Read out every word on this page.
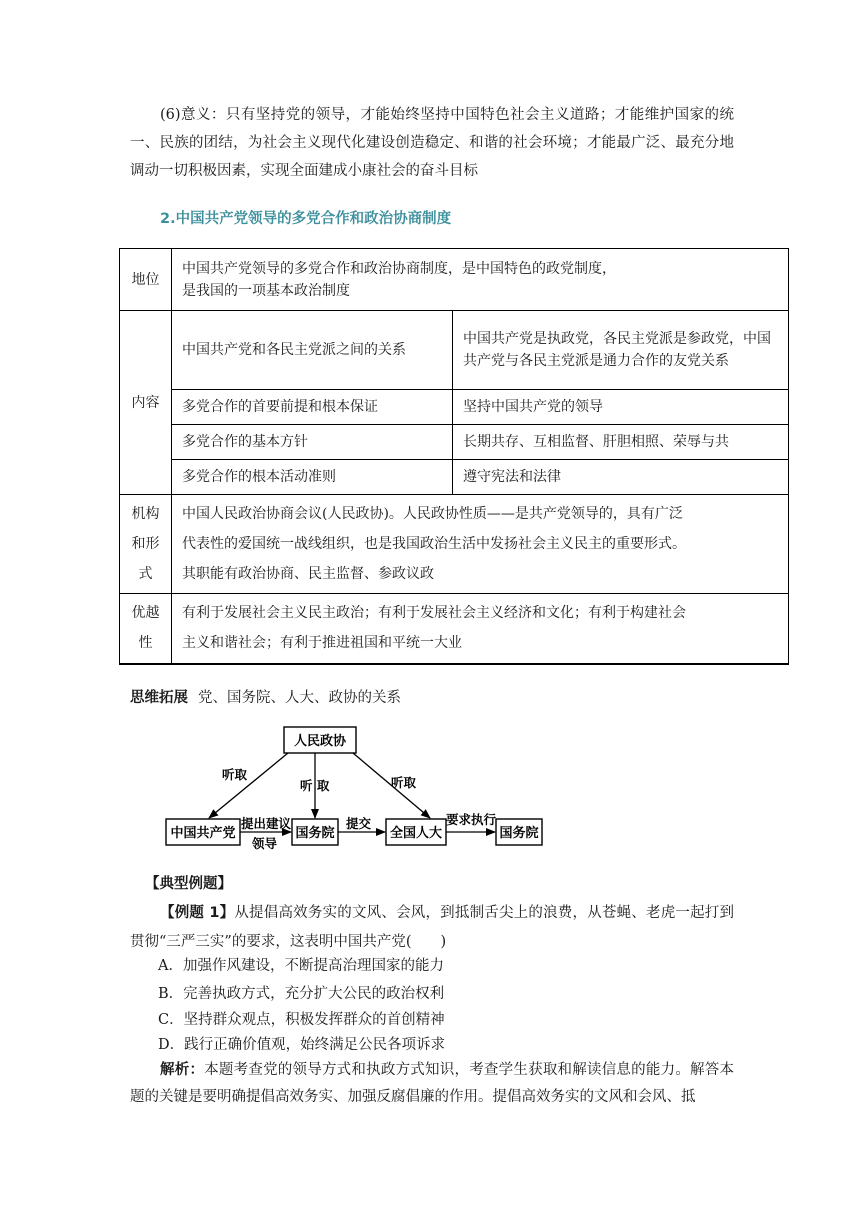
(6)意义：只有坚持党的领导，才能始终坚持中国特色社会主义道路；才能维护国家的统一、民族的团结，为社会主义现代化建设创造稳定、和谐的社会环境；才能最广泛、最充分地调动一切积极因素，实现全面建成小康社会的奋斗目标

2.中国共产党领导的多党合作和政治协商制度

地位	中国共产党领导的多党合作和政治协商制度，是中国特色的政党制度，
是我国的一项基本政治制度	

内容	中国共产党和各民主党派之间的关系	中国共产党是执政党，各民主党派是参政党，中国共产党与各民主党派是通力合作的友党关系
	多党合作的首要前提和根本保证	坚持中国共产党的领导
	多党合作的基本方针	长期共存、互相监督、肝胆相照、荣辱与共
	多党合作的根本活动准则	遵守宪法和法律
机构和形式	中国人民政治协商会议(人民政协)。人民政协性质——是共产党领导的，具有广泛
代表性的爱国统一战线组织，也是我国政治生活中发扬社会主义民主的重要形式。
其职能有政治协商、民主监督、参政议政	

优越性	有利于发展社会主义民主政治；有利于发展社会主义经济和文化；有利于构建社会
主义和谐社会；有利于推进祖国和平统一大业	

思维拓展 党、国务院、人大、政协的关系

人民政协
中国共产党	国务院	全国人大	国务院
听取
听 取	听取
提出建议
领导
提交	要求执行

【典型例题】

【例题 1】从提倡高效务实的文风、会风，到抵制舌尖上的浪费，从苍蝇、老虎一起打到贯彻“三严三实”的要求，这表明中国共产党(　　)

A．加强作风建设，不断提高治理国家的能力

B．完善执政方式，充分扩大公民的政治权利

C．坚持群众观点，积极发挥群众的首创精神

D．践行正确价值观，始终满足公民各项诉求

解析：本题考查党的领导方式和执政方式知识，考查学生获取和解读信息的能力。解答本题的关键是要明确提倡高效务实、加强反腐倡廉的作用。提倡高效务实的文风和会风、抵
